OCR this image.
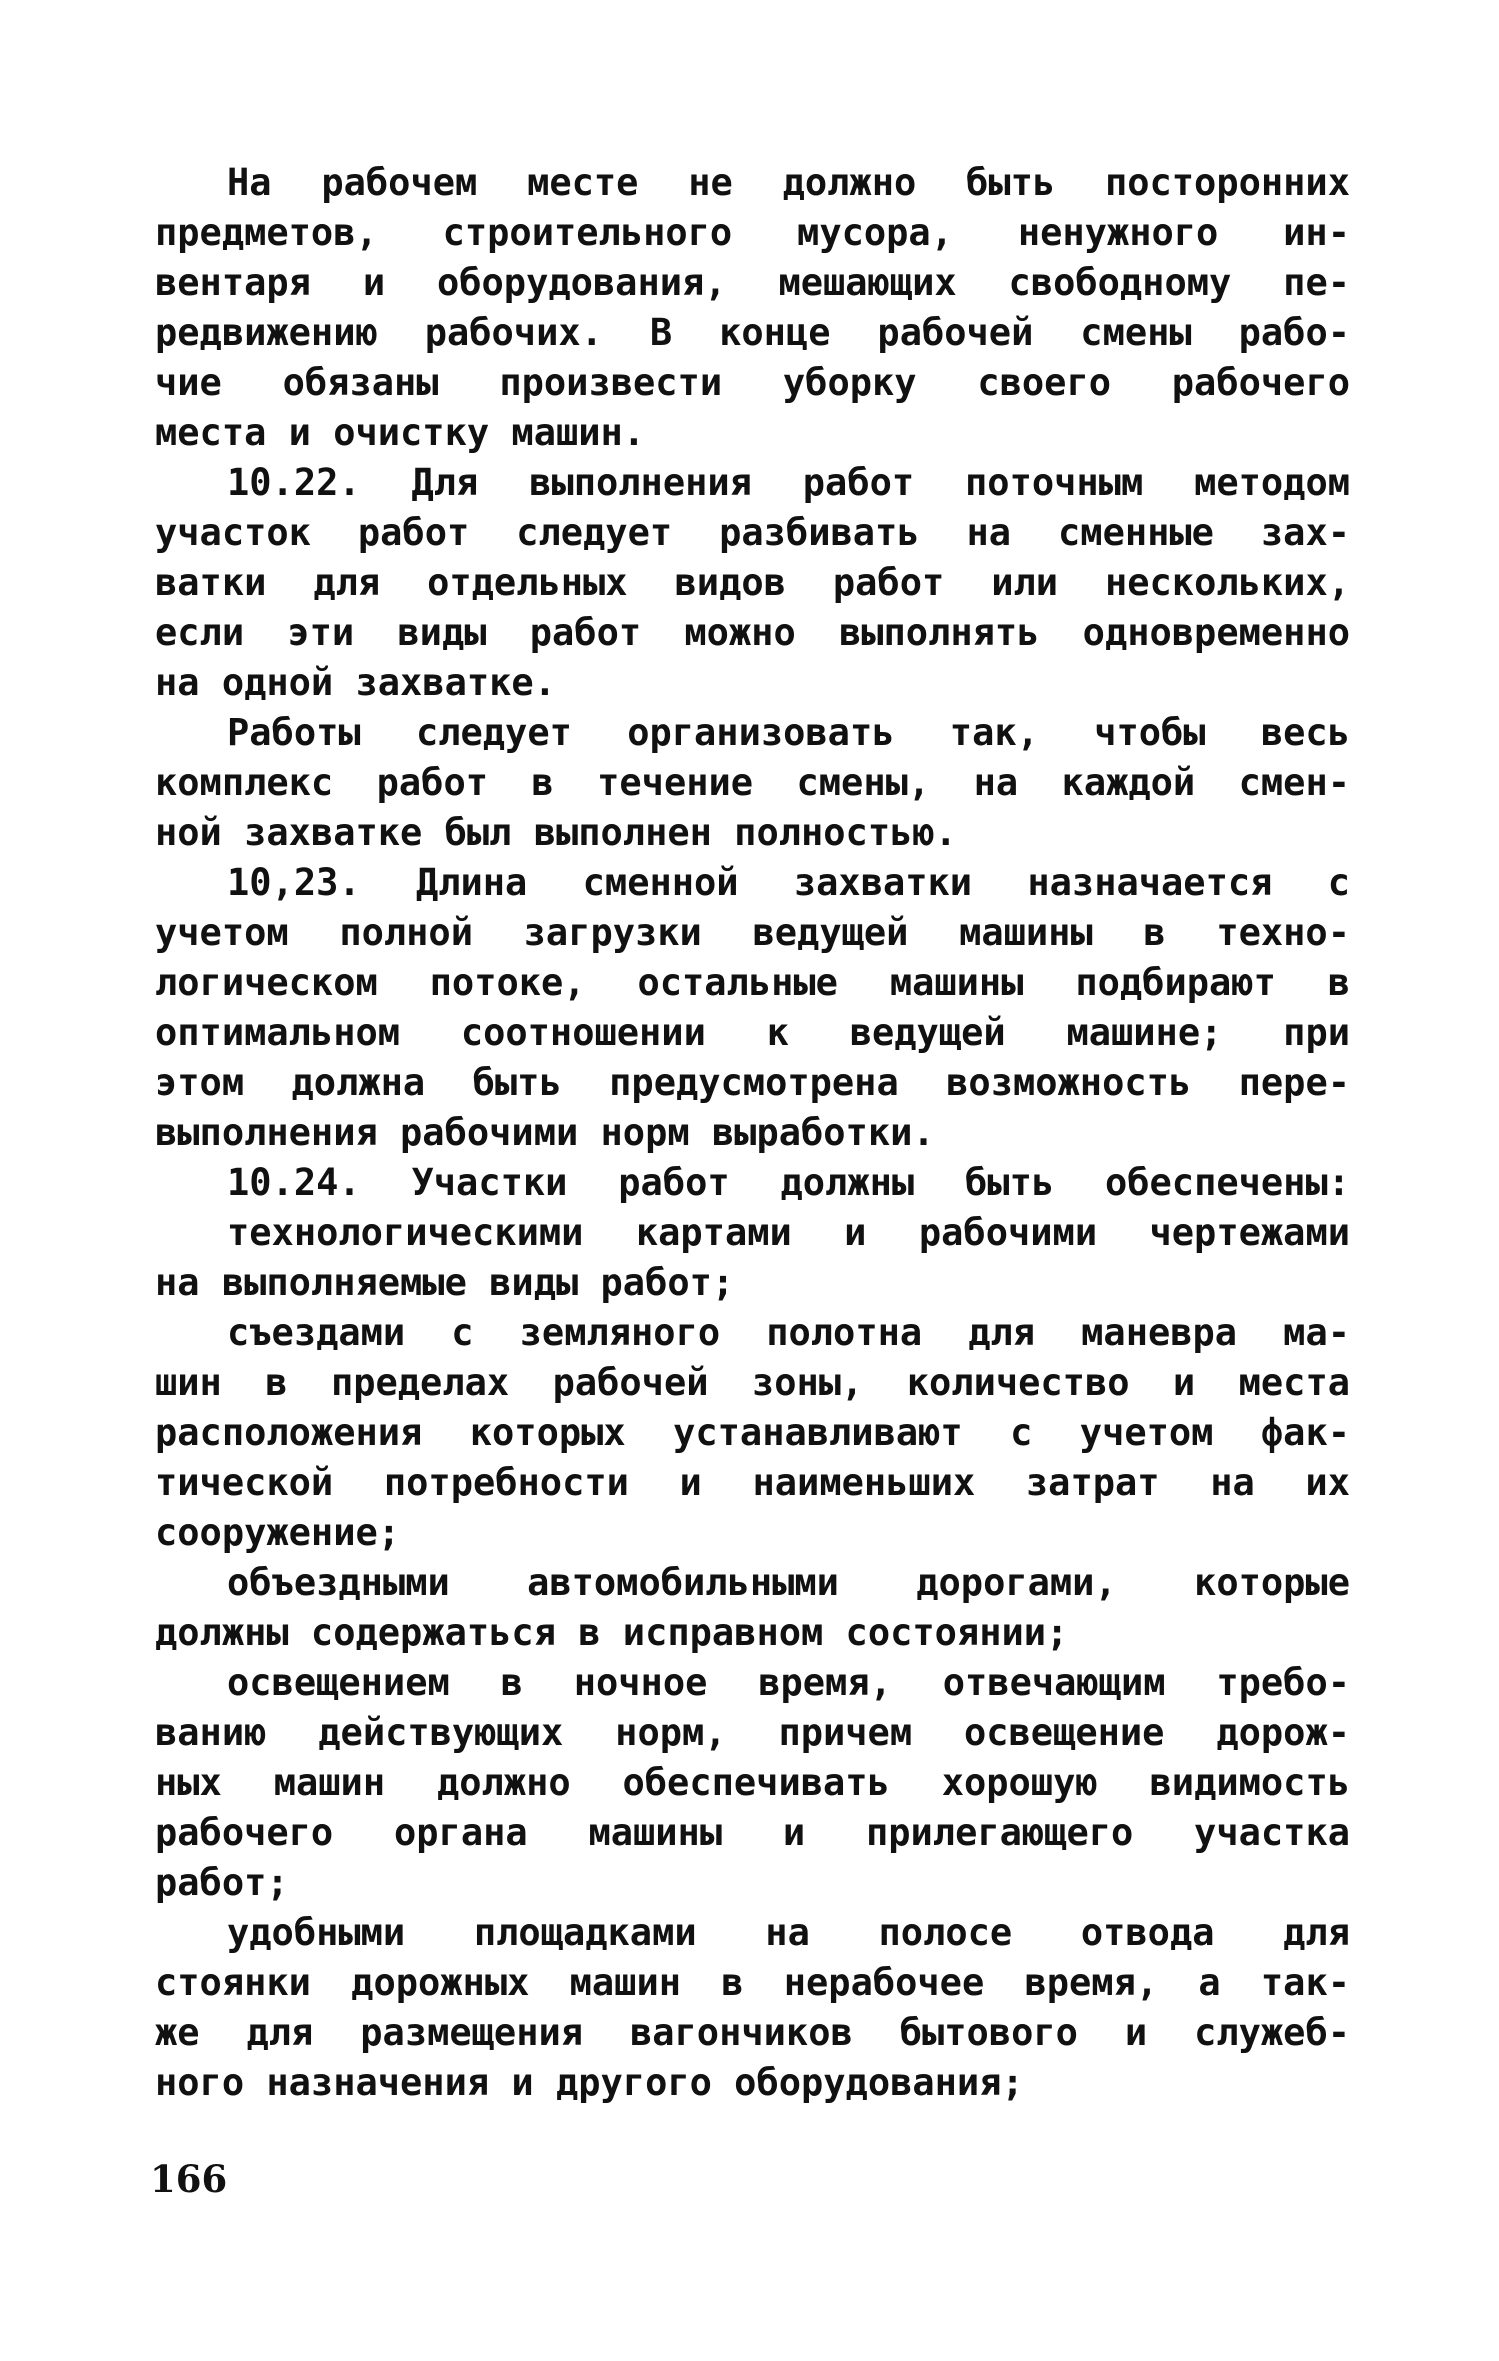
На рабочем месте не должно быть посторонних
предметов, строительного мусора, ненужного ин-
вентаря и оборудования, мешающих свободному пе-
редвижению рабочих. В конце рабочей смены рабо-
чие обязаны произвести уборку своего рабочего
места и очистку машин.
10.22. Для выполнения работ поточным методом
участок работ следует разбивать на сменные зах-
ватки для отдельных видов работ или нескольких,
если эти виды работ можно выполнять одновременно
на одной захватке.
Работы следует организовать так, чтобы весь
комплекс работ в течение смены, на каждой смен-
ной захватке был выполнен полностью.
10,23. Длина сменной захватки назначается с
учетом полной загрузки ведущей машины в техно-
логическом потоке, остальные машины подбирают в
оптимальном соотношении к ведущей машине; при
этом должна быть предусмотрена возможность пере-
выполнения рабочими норм выработки.
10.24. Участки работ должны быть обеспечены:
технологическими картами и рабочими чертежами
на выполняемые виды работ;
съездами с земляного полотна для маневра ма-
шин в пределах рабочей зоны, количество и места
расположения которых устанавливают с учетом фак-
тической потребности и наименьших затрат на их
сооружение;
объездными автомобильными дорогами, которые
должны содержаться в исправном состоянии;
освещением в ночное время, отвечающим требо-
ванию действующих норм, причем освещение дорож-
ных машин должно обеспечивать хорошую видимость
рабочего органа машины и прилегающего участка
работ;
удобными площадками на полосе отвода для
стоянки дорожных машин в нерабочее время, а так-
же для размещения вагончиков бытового и служеб-
ного назначения и другого оборудования;
166
